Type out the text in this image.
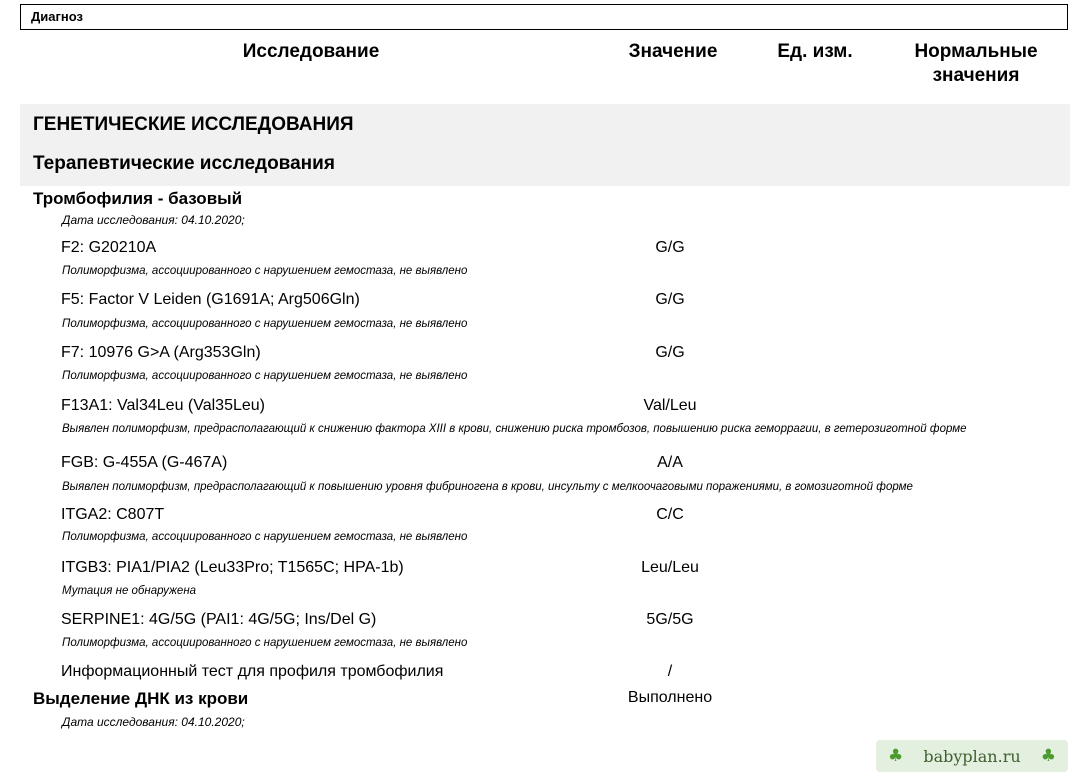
Диагноз
Исследование	Значение	Ед. изм.	Нормальные значения
ГЕНЕТИЧЕСКИЕ ИССЛЕДОВАНИЯ
Терапевтические исследования
Тромбофилия - базовый
Дата исследования: 04.10.2020;
F2: G20210A	G/G
Полиморфизма, ассоциированного с нарушением гемостаза, не выявлено
F5: Factor V Leiden (G1691A; Arg506Gln)	G/G
Полиморфизма, ассоциированного с нарушением гемостаза, не выявлено
F7: 10976 G>A (Arg353Gln)	G/G
Полиморфизма, ассоциированного с нарушением гемостаза, не выявлено
F13A1: Val34Leu (Val35Leu)	Val/Leu
Выявлен полиморфизм, предрасполагающий к снижению фактора XIII в крови, снижению риска тромбозов, повышению риска геморрагии, в гетерозиготной форме
FGB: G-455A (G-467A)	A/A
Выявлен полиморфизм, предрасполагающий к повышению уровня фибриногена в крови, инсульту с мелкоочаговыми поражениями, в гомозиготной форме
ITGA2: C807T	C/C
Полиморфизма, ассоциированного с нарушением гемостаза, не выявлено
ITGB3: PIA1/PIA2 (Leu33Pro; T1565C; HPA-1b)	Leu/Leu
Мутация не обнаружена
SERPINE1: 4G/5G (PAI1: 4G/5G; Ins/Del G)	5G/5G
Полиморфизма, ассоциированного с нарушением гемостаза, не выявлено
Информационный тест для профиля тромбофилия	/
Выделение ДНК из крови	Выполнено
Дата исследования: 04.10.2020;
♣ babyplan.ru ♣
